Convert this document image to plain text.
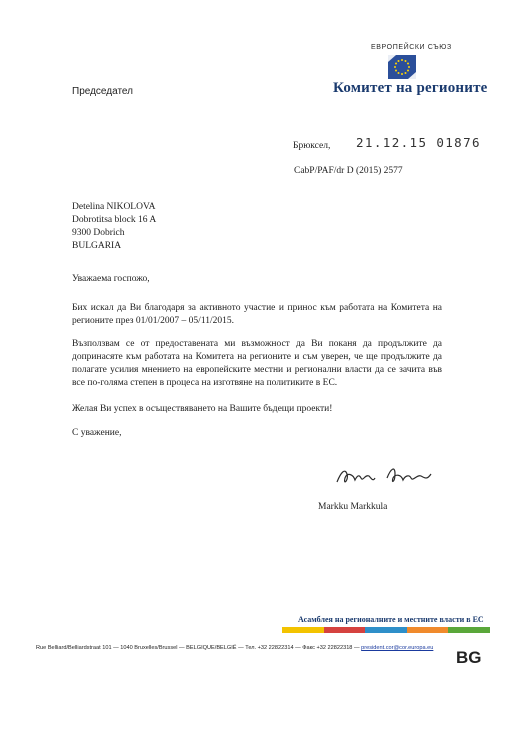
ЕВРОПЕЙСКИ СЪЮЗ
Комитет на регионите
Председател
Брюксел, 21.12.15 01876
CabP/PAF/dr D (2015) 2577
Detelina NIKOLOVA
Dobrotitsa block 16 A
9300 Dobrich
BULGARIA
Уважаема госпожо,
Бих искал да Ви благодаря за активното участие и принос към работата на Комитета на регионите през 01/01/2007 – 05/11/2015.
Възползвам се от предоставената ми възможност да Ви поканя да продължите да допринасяте към работата на Комитета на регионите и съм уверен, че ще продължите да полагате усилия мнението на европейските местни и регионални власти да се зачита във все по-голяма степен в процеса на изготвяне на политиките в ЕС.
Желая Ви успех в осъществяването на Вашите бъдещи проекти!
С уважение,
Markku Markkula
Асамблея на регионалните и местните власти в ЕС
Rue Belliard/Belliardstraat 101 — 1040 Bruxelles/Brussel — BELGIQUE/BELGIË — Тел. +32 22822314 — Факс +32 22822318 — president.cor@cor.europa.eu BG
